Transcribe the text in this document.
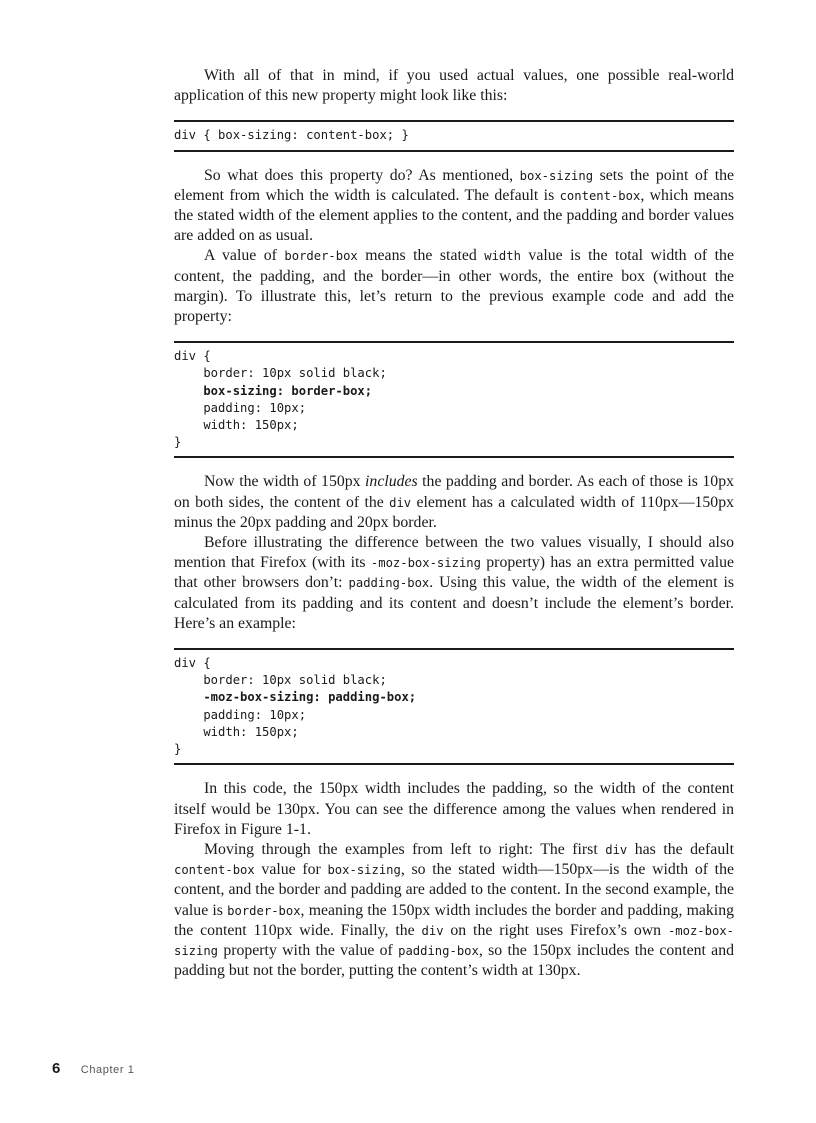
With all of that in mind, if you used actual values, one possible real-world application of this new property might look like this:

div { box-sizing: content-box; }

So what does this property do? As mentioned, box-sizing sets the point of the element from which the width is calculated. The default is content-box, which means the stated width of the element applies to the content, and the padding and border values are added on as usual.

A value of border-box means the stated width value is the total width of the content, the padding, and the border—in other words, the entire box (without the margin). To illustrate this, let’s return to the previous example code and add the property:

div {
border: 10px solid black;
box-sizing: border-box;
padding: 10px;
width: 150px;
}

Now the width of 150px includes the padding and border. As each of those is 10px on both sides, the content of the div element has a calculated width of 110px—150px minus the 20px padding and 20px border.

Before illustrating the difference between the two values visually, I should also mention that Firefox (with its -moz-box-sizing property) has an extra permitted value that other browsers don’t: padding-box. Using this value, the width of the element is calculated from its padding and its content and doesn’t include the element’s border. Here’s an example:

div {
border: 10px solid black;
-moz-box-sizing: padding-box;
padding: 10px;
width: 150px;
}

In this code, the 150px width includes the padding, so the width of the content itself would be 130px. You can see the difference among the values when rendered in Firefox in Figure 1-1.

Moving through the examples from left to right: The first div has the default content-box value for box-sizing, so the stated width—150px—is the width of the content, and the border and padding are added to the content. In the second example, the value is border-box, meaning the 150px width includes the border and padding, making the content 110px wide. Finally, the div on the right uses Firefox’s own -moz-box-sizing property with the value of padding-box, so the 150px includes the content and padding but not the border, putting the content’s width at 130px.

6 Chapter 1
